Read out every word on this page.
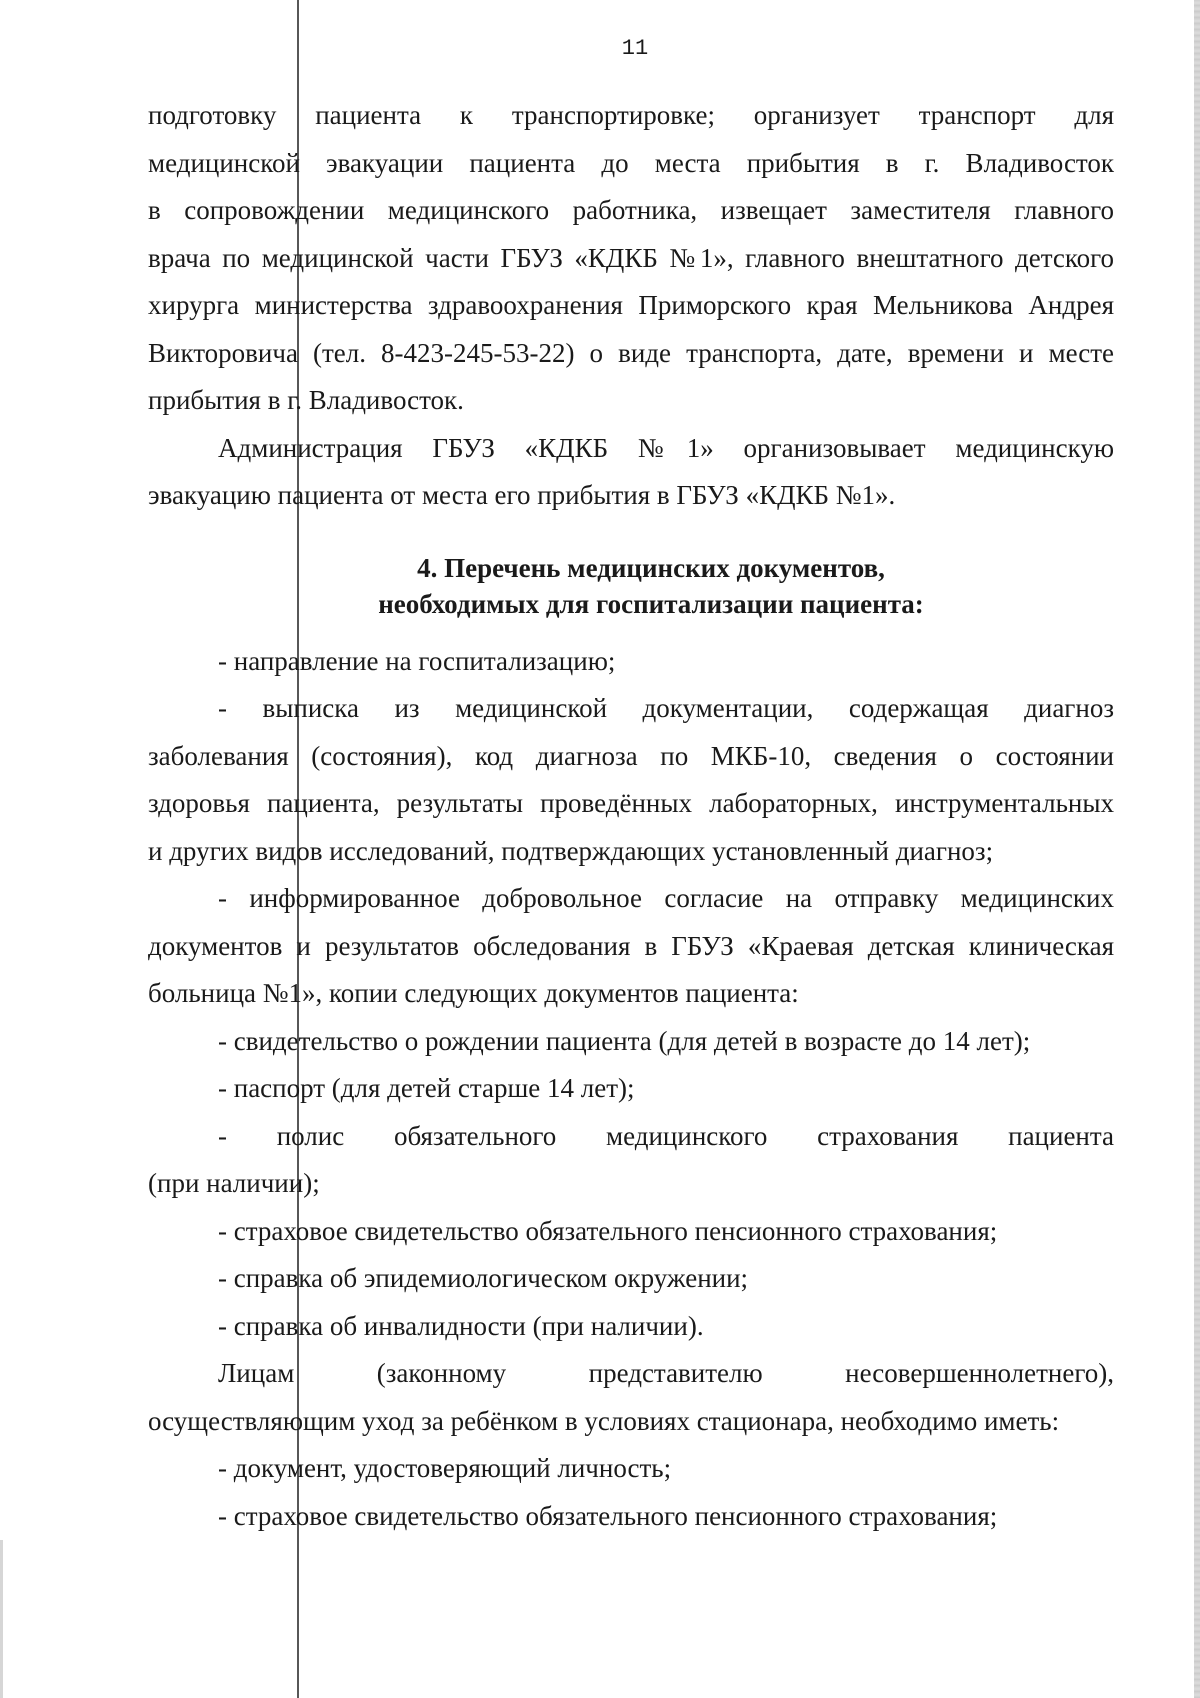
11
подготовку пациента к транспортировке; организует транспорт для
медицинской эвакуации пациента до места прибытия в г. Владивосток
в сопровождении медицинского работника, извещает заместителя главного
врача по медицинской части ГБУЗ «КДКБ №1», главного внештатного детского
хирурга министерства здравоохранения Приморского края Мельникова Андрея
Викторовича (тел. 8-423-245-53-22) о виде транспорта, дате, времени и месте
прибытия в г. Владивосток.
Администрация ГБУЗ «КДКБ №1» организовывает медицинскую
эвакуацию пациента от места его прибытия в ГБУЗ «КДКБ №1».
4. Перечень медицинских документов,
необходимых для госпитализации пациента:
- направление на госпитализацию;
- выписка из медицинской документации, содержащая диагноз
заболевания (состояния), код диагноза по МКБ-10, сведения о состоянии
здоровья пациента, результаты проведённых лабораторных, инструментальных
и других видов исследований, подтверждающих установленный диагноз;
- информированное добровольное согласие на отправку медицинских
документов и результатов обследования в ГБУЗ «Краевая детская клиническая
больница №1», копии следующих документов пациента:
- свидетельство о рождении пациента (для детей в возрасте до 14 лет);
- паспорт (для детей старше 14 лет);
- полис обязательного медицинского страхования пациента
(при наличии);
- страховое свидетельство обязательного пенсионного страхования;
- справка об эпидемиологическом окружении;
- справка об инвалидности (при наличии).
Лицам (законному представителю несовершеннолетнего),
осуществляющим уход за ребёнком в условиях стационара, необходимо иметь:
- документ, удостоверяющий личность;
- страховое свидетельство обязательного пенсионного страхования;
